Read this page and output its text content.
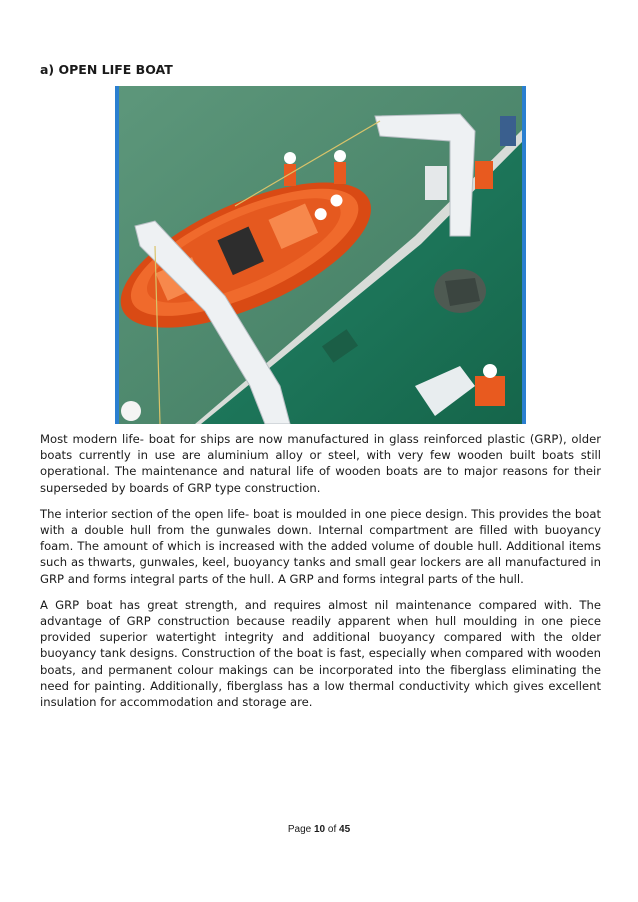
a) OPEN LIFE BOAT

Most modern life- boat for ships are now manufactured in glass reinforced plastic (GRP), older boats currently in use are aluminium alloy or steel, with very few wooden built boats still operational. The maintenance and natural life of wooden boats are to major reasons for their superseded by boards of GRP type construction.

The interior section of the open life- boat is moulded in one piece design. This provides the boat with a double hull from the gunwales down. Internal compartment are filled with buoyancy foam. The amount of which is increased with the added volume of double hull. Additional items such as thwarts, gunwales, keel, buoyancy tanks and small gear lockers are all manufactured in GRP and forms integral parts of the hull. A GRP and forms integral parts of the hull.

A GRP boat has great strength, and requires almost nil maintenance compared with. The advantage of GRP construction because readily apparent when hull moulding in one piece provided superior watertight integrity and additional buoyancy compared with the older buoyancy tank designs. Construction of the boat is fast, especially when compared with wooden boats, and permanent colour makings can be incorporated into the fiberglass eliminating the need for painting. Additionally, fiberglass has a low thermal conductivity which gives excellent insulation for accommodation and storage are.

Page 10 of 45
